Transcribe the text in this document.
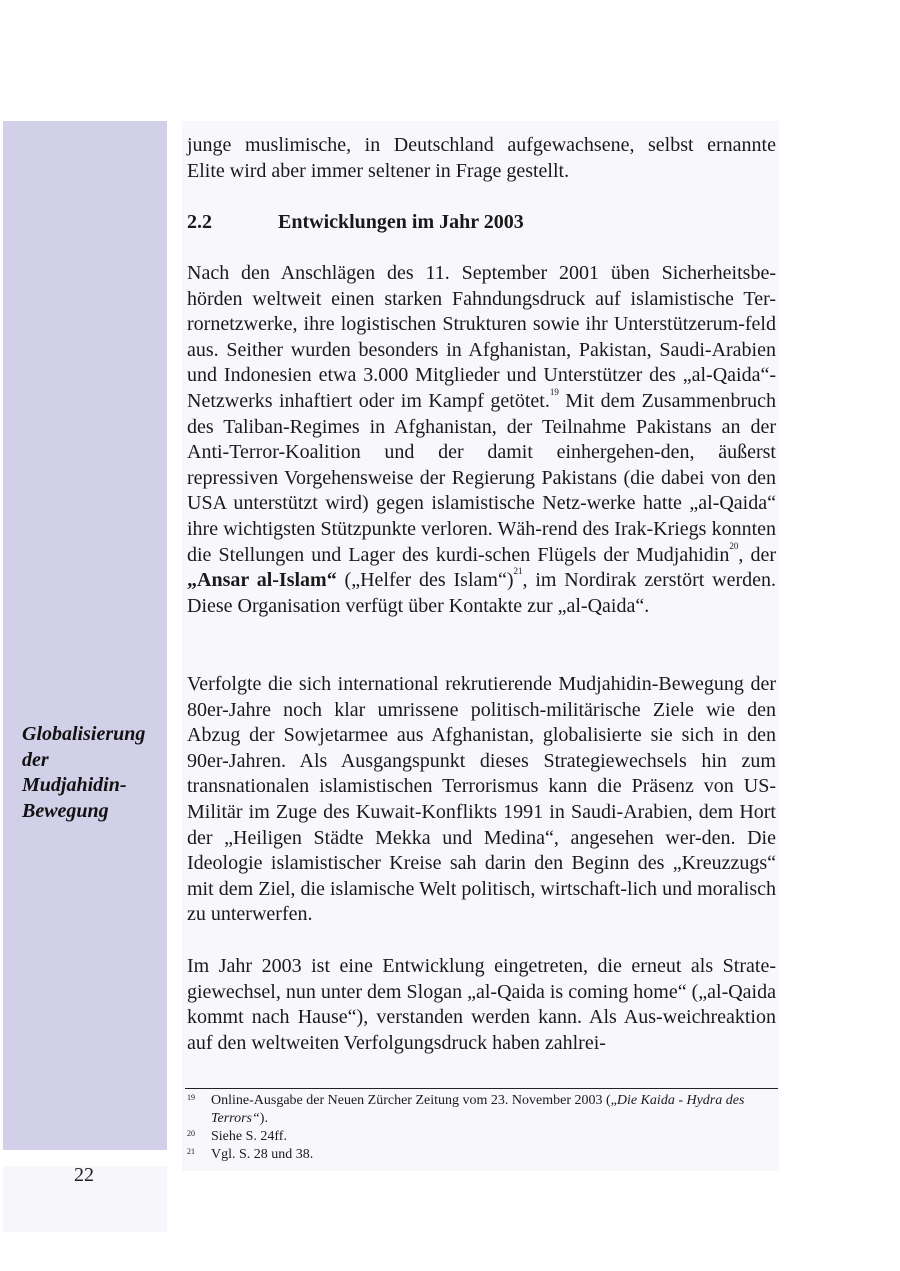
Globalisierung
der
Mudjahidin-
Bewegung
22

junge muslimische, in Deutschland aufgewachsene, selbst ernannte

Elite wird aber immer seltener in Frage gestellt.

2.2	Entwicklungen im Jahr 2003

Nach den Anschlägen des 11. September 2001 üben Sicherheitsbe-hörden weltweit einen starken Fahndungsdruck auf islamistische Ter-rornetzwerke, ihre logistischen Strukturen sowie ihr Unterstützerum-feld aus. Seither wurden besonders in Afghanistan, Pakistan, Saudi-Arabien und Indonesien etwa 3.000 Mitglieder und Unterstützer des „al-Qaida“-Netzwerks inhaftiert oder im Kampf getötet.$^{19}$ Mit dem Zusammenbruch des Taliban-Regimes in Afghanistan, der Teilnahme Pakistans an der Anti-Terror-Koalition und der damit einhergehen-den, äußerst repressiven Vorgehensweise der Regierung Pakistans (die dabei von den USA unterstützt wird) gegen islamistische Netz-werke hatte „al-Qaida“ ihre wichtigsten Stützpunkte verloren. Wäh-rend des Irak-Kriegs konnten die Stellungen und Lager des kurdi-schen Flügels der Mudjahidin$^{20}$, der „Ansar al-Islam“ („Helfer des Islam“)$^{21}$, im Nordirak zerstört werden. Diese Organisation verfügt über Kontakte zur „al-Qaida“.

Verfolgte die sich international rekrutierende Mudjahidin-Bewegung der 80er-Jahre noch klar umrissene politisch-militärische Ziele wie den Abzug der Sowjetarmee aus Afghanistan, globalisierte sie sich in den 90er-Jahren. Als Ausgangspunkt dieses Strategiewechsels hin zum transnationalen islamistischen Terrorismus kann die Präsenz von US-Militär im Zuge des Kuwait-Konflikts 1991 in Saudi-Arabien, dem Hort der „Heiligen Städte Mekka und Medina“, angesehen wer-den. Die Ideologie islamistischer Kreise sah darin den Beginn des „Kreuzzugs“ mit dem Ziel, die islamische Welt politisch, wirtschaft-lich und moralisch zu unterwerfen.

Im Jahr 2003 ist eine Entwicklung eingetreten, die erneut als Strate-giewechsel, nun unter dem Slogan „al-Qaida is coming home“ („al-Qaida kommt nach Hause“), verstanden werden kann. Als Aus-weichreaktion auf den weltweiten Verfolgungsdruck haben zahlrei-

19 Online-Ausgabe der Neuen Zürcher Zeitung vom 23. November 2003 („Die Kaida - Hydra des Terrors“).
20 Siehe S. 24ff.
21 Vgl. S. 28 und 38.
